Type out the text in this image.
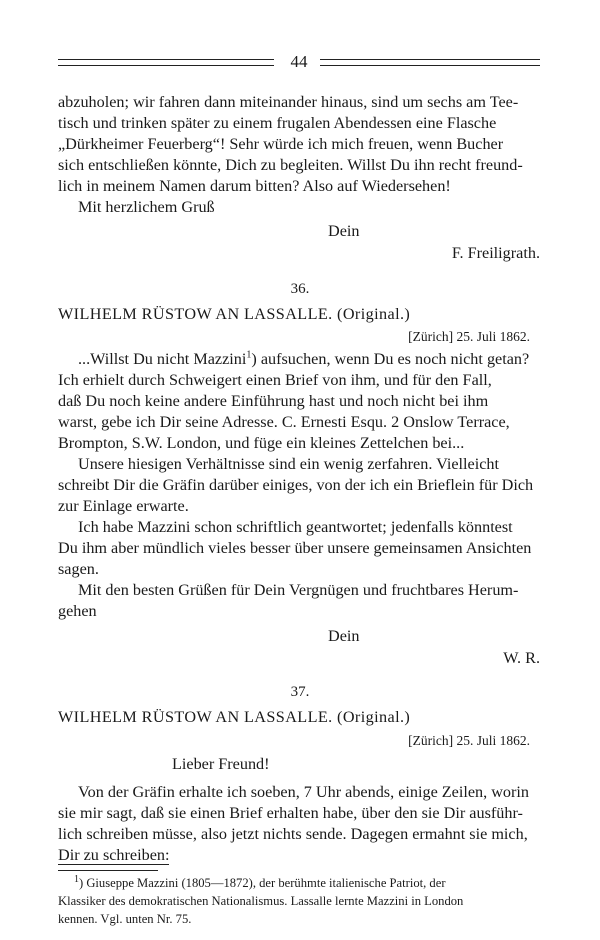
44
abzuholen; wir fahren dann miteinander hinaus, sind um sechs am Tee-
tisch und trinken später zu einem frugalen Abendessen eine Flasche
„Dürkheimer Feuerberg“! Sehr würde ich mich freuen, wenn Bucher
sich entschließen könnte, Dich zu begleiten. Willst Du ihn recht freund-
lich in meinem Namen darum bitten? Also auf Wiedersehen!
Mit herzlichem Gruß
Dein
F. Freiligrath.
36.
WILHELM RÜSTOW AN LASSALLE. (Original.)
[Zürich] 25. Juli 1862.
...Willst Du nicht Mazzini$^1$) aufsuchen, wenn Du es noch nicht getan?
Ich erhielt durch Schweigert einen Brief von ihm, und für den Fall,
daß Du noch keine andere Einführung hast und noch nicht bei ihm
warst, gebe ich Dir seine Adresse. C. Ernesti Esqu. 2 Onslow Terrace,
Brompton, S.W. London, und füge ein kleines Zettelchen bei...
Unsere hiesigen Verhältnisse sind ein wenig zerfahren. Vielleicht
schreibt Dir die Gräfin darüber einiges, von der ich ein Brieflein für Dich
zur Einlage erwarte.
Ich habe Mazzini schon schriftlich geantwortet; jedenfalls könntest
Du ihm aber mündlich vieles besser über unsere gemeinsamen Ansichten
sagen.
Mit den besten Grüßen für Dein Vergnügen und fruchtbares Herum-
gehen
Dein
W. R.
37.
WILHELM RÜSTOW AN LASSALLE. (Original.)
[Zürich] 25. Juli 1862.
Lieber Freund!
Von der Gräfin erhalte ich soeben, 7 Uhr abends, einige Zeilen, worin
sie mir sagt, daß sie einen Brief erhalten habe, über den sie Dir ausführ-
lich schreiben müsse, also jetzt nichts sende. Dagegen ermahnt sie mich,
Dir zu schreiben:
$^1$) Giuseppe Mazzini (1805—1872), der berühmte italienische Patriot, der
Klassiker des demokratischen Nationalismus. Lassalle lernte Mazzini in London
kennen. Vgl. unten Nr. 75.
